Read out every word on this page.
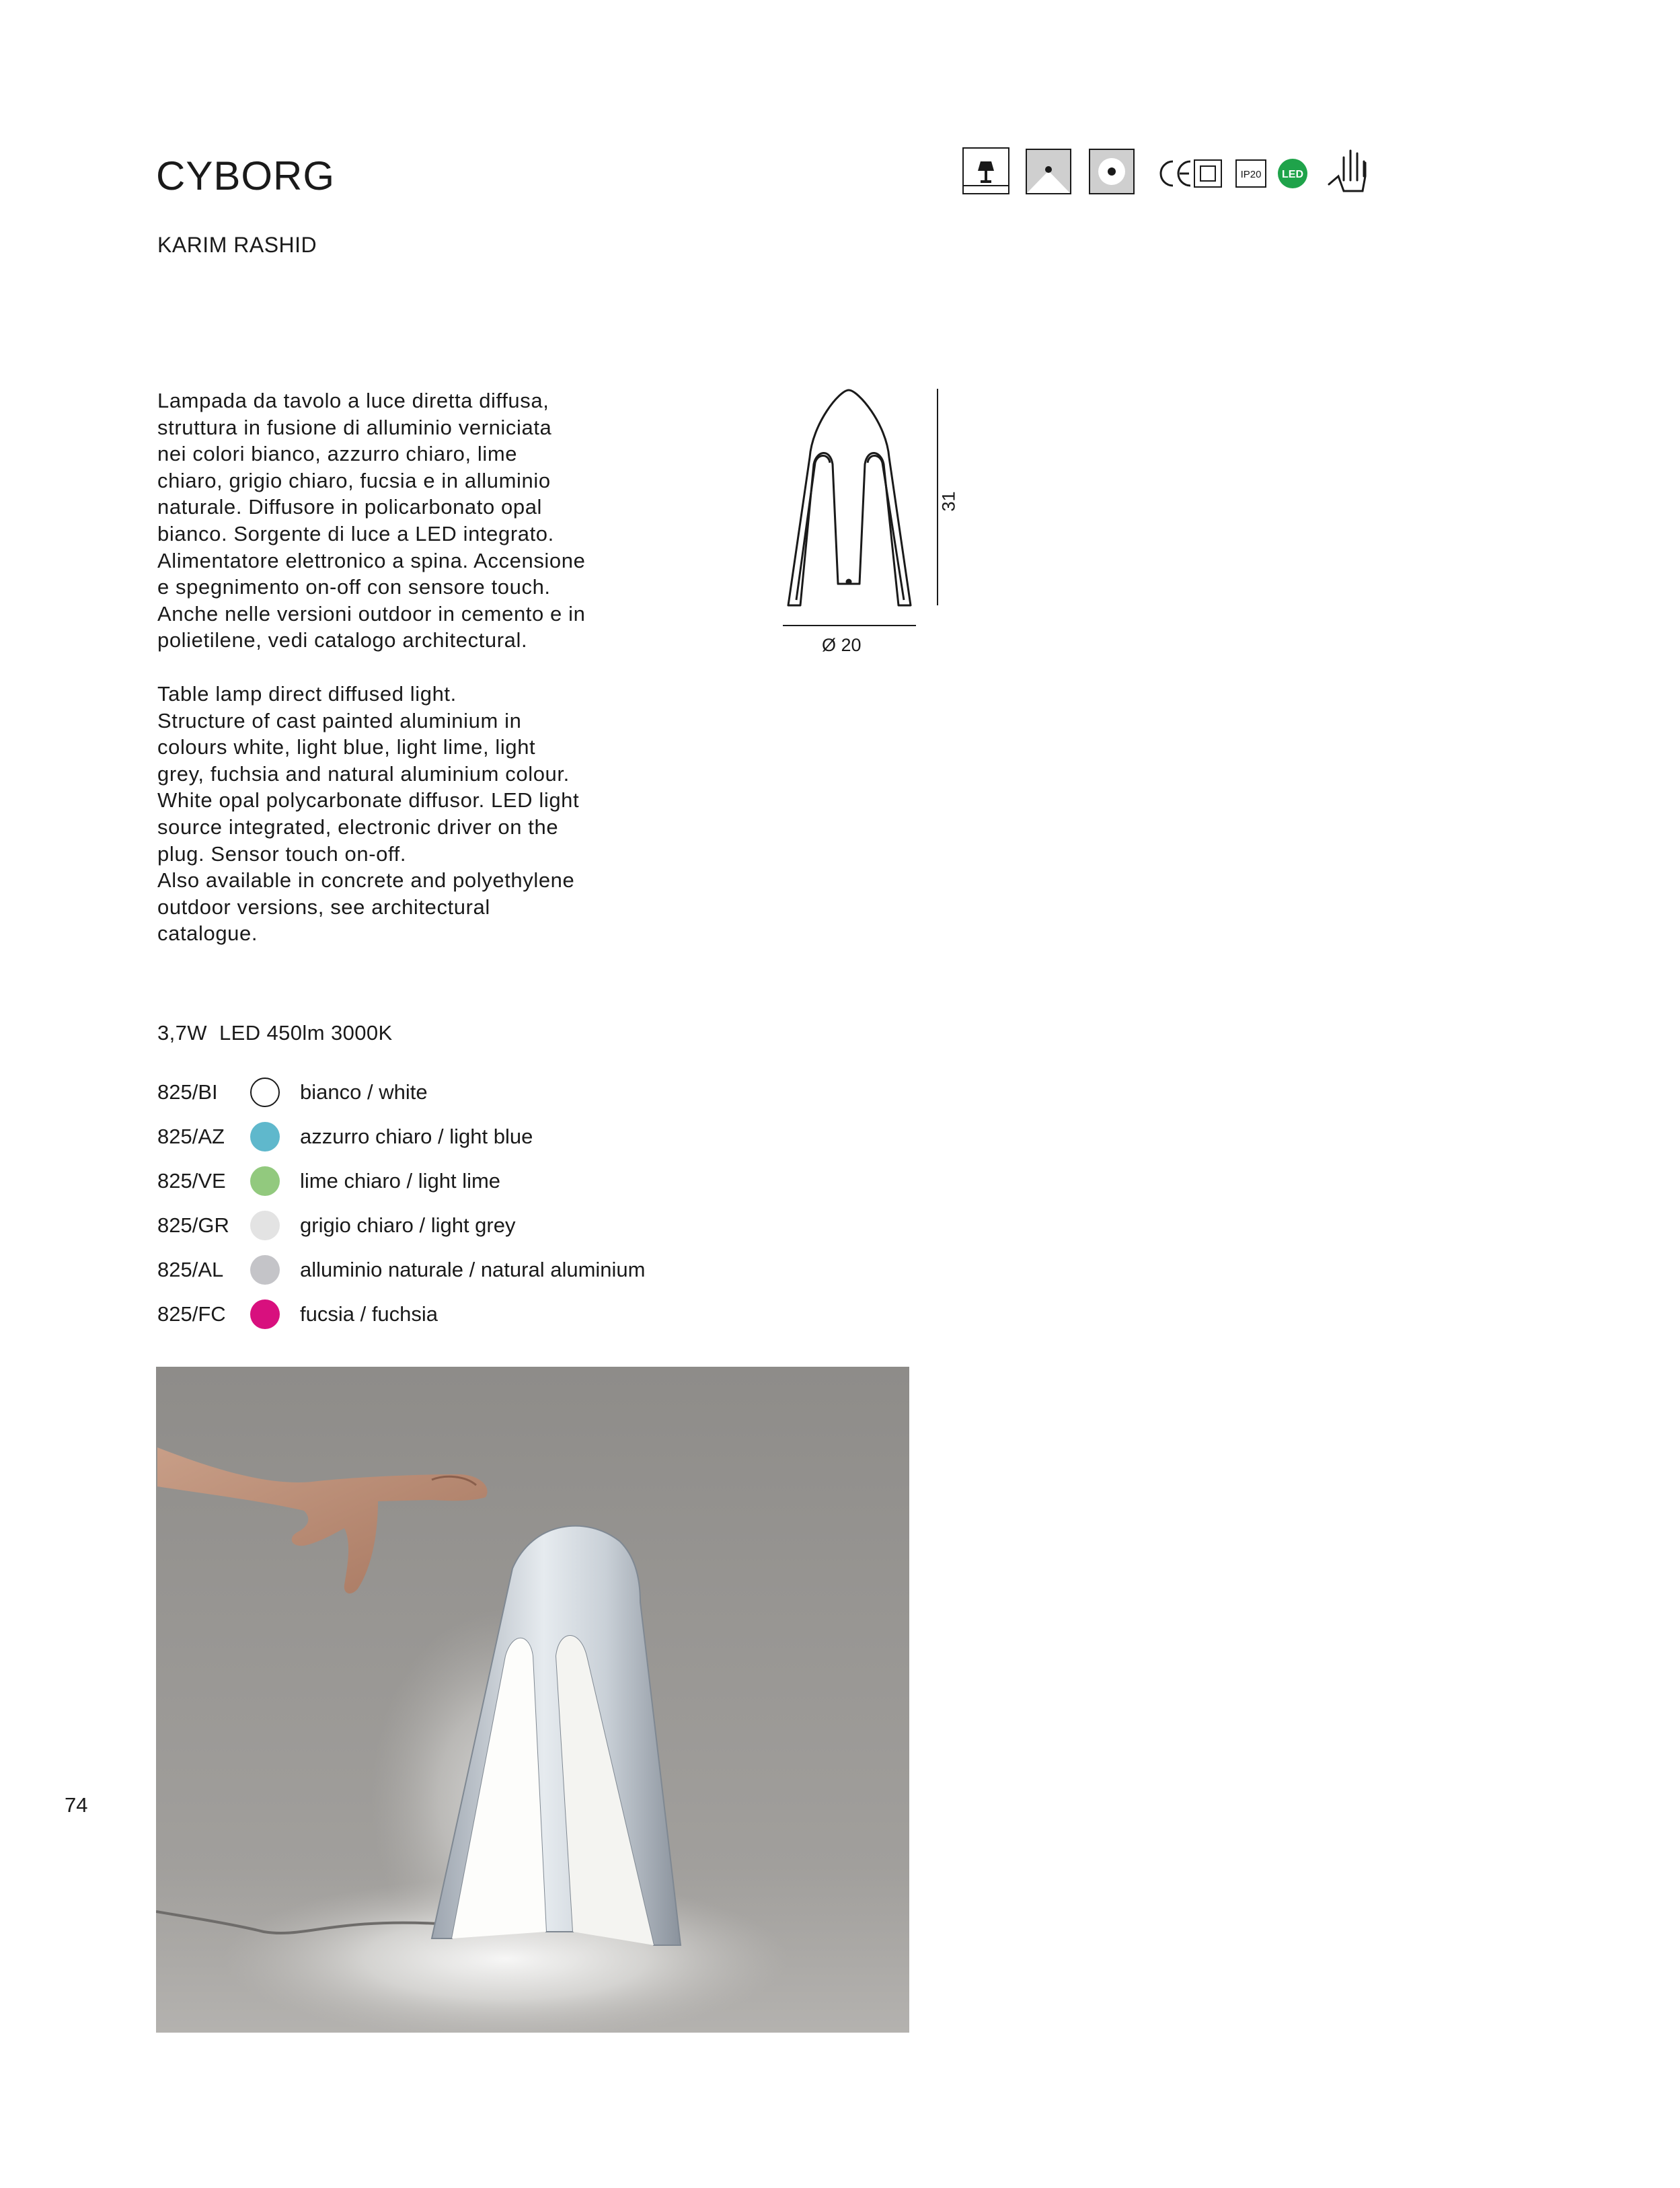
CYBORG
KARIM RASHID
IP20 LED
Lampada da tavolo a luce diretta diffusa,
struttura in fusione di alluminio verniciata
nei colori bianco, azzurro chiaro, lime
chiaro, grigio chiaro, fucsia e in alluminio
naturale. Diffusore in policarbonato opal
bianco. Sorgente di luce a LED integrato.
Alimentatore elettronico a spina. Accensione
e spegnimento on-off con sensore touch.
Anche nelle versioni outdoor in cemento e in
polietilene, vedi catalogo architectural.
Table lamp direct diffused light.
Structure of cast painted aluminium in
colours white, light blue, light lime, light
grey, fuchsia and natural aluminium colour.
White opal polycarbonate diffusor. LED light
source integrated, electronic driver on the
plug. Sensor touch on-off.
Also available in concrete and polyethylene
outdoor versions, see architectural
catalogue.
31
Ø 20
3,7W  LED 450lm 3000K
825/BI	bianco / white
825/AZ	azzurro chiaro / light blue
825/VE	lime chiaro / light lime
825/GR	grigio chiaro / light grey
825/AL	alluminio naturale / natural aluminium
825/FC	fucsia / fuchsia
74
